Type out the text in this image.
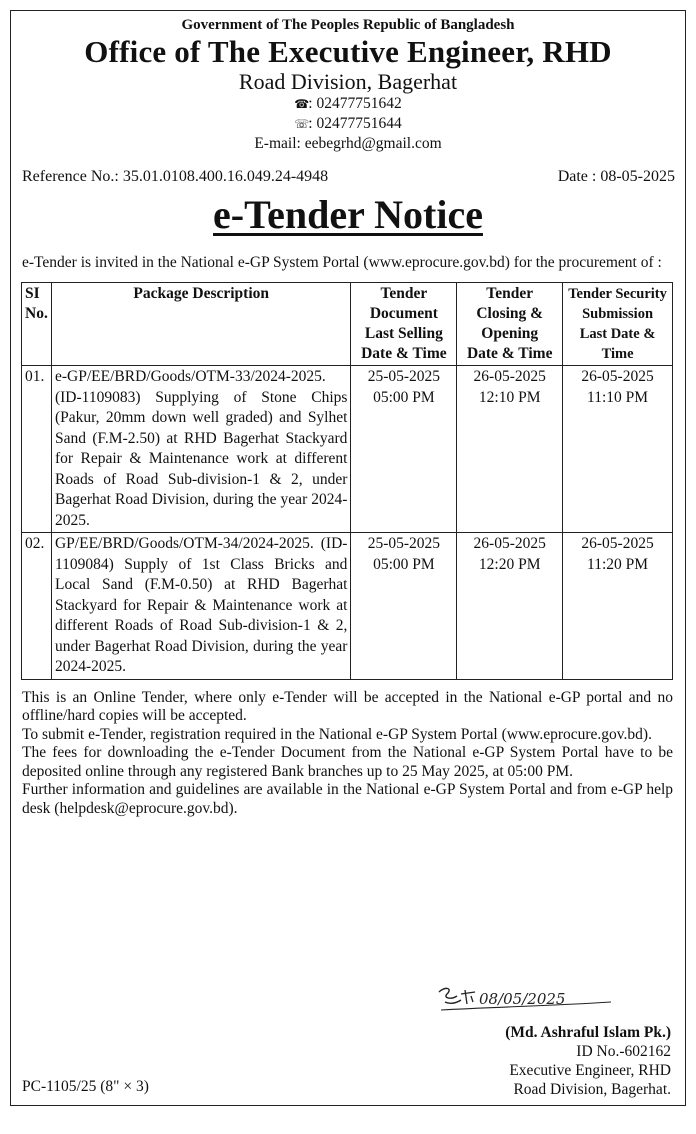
Government of The Peoples Republic of Bangladesh
Office of The Executive Engineer, RHD
Road Division, Bagerhat
☎: 02477751642
☏: 02477751644
E-mail: eebegrhd@gmail.com
Reference No.: 35.01.0108.400.16.049.24-4948	Date : 08-05-2025
e-Tender Notice
e-Tender is invited in the National e-GP System Portal (www.eprocure.gov.bd) for the procurement of :
SI
No.	Package Description	Tender
Document
Last Selling
Date & Time	Tender
Closing &
Opening
Date & Time	Tender Security
Submission
Last Date &
Time
01.	e-GP/EE/BRD/Goods/OTM-33/2024-2025. (ID-1109083) Supplying of Stone Chips (Pakur, 20mm down well graded) and Sylhet Sand (F.M-2.50) at RHD Bagerhat Stackyard for Repair & Maintenance work at different Roads of Road Sub-division-1 & 2, under Bagerhat Road Division, during the year 2024-2025.	25-05-2025
05:00 PM	26-05-2025
12:10 PM	26-05-2025
11:10 PM
02.	GP/EE/BRD/Goods/OTM-34/2024-2025. (ID-1109084) Supply of 1st Class Bricks and Local Sand (F.M-0.50) at RHD Bagerhat Stackyard for Repair & Maintenance work at different Roads of Road Sub-division-1 & 2, under Bagerhat Road Division, during the year 2024-2025.	25-05-2025
05:00 PM	26-05-2025
12:20 PM	26-05-2025
11:20 PM

This is an Online Tender, where only e-Tender will be accepted in the National e-GP portal and no offline/hard copies will be accepted.

To submit e-Tender, registration required in the National e-GP System Portal (www.eprocure.gov.bd).

The fees for downloading the e-Tender Document from the National e-GP System Portal have to be deposited online through any registered Bank branches up to 25 May 2025, at 05:00 PM.

Further information and guidelines are available in the National e-GP System Portal and from e-GP help desk (helpdesk@eprocure.gov.bd).

08/05/2025
(Md. Ashraful Islam Pk.)
ID No.-602162
Executive Engineer, RHD
Road Division, Bagerhat.
PC-1105/25 (8" × 3)
